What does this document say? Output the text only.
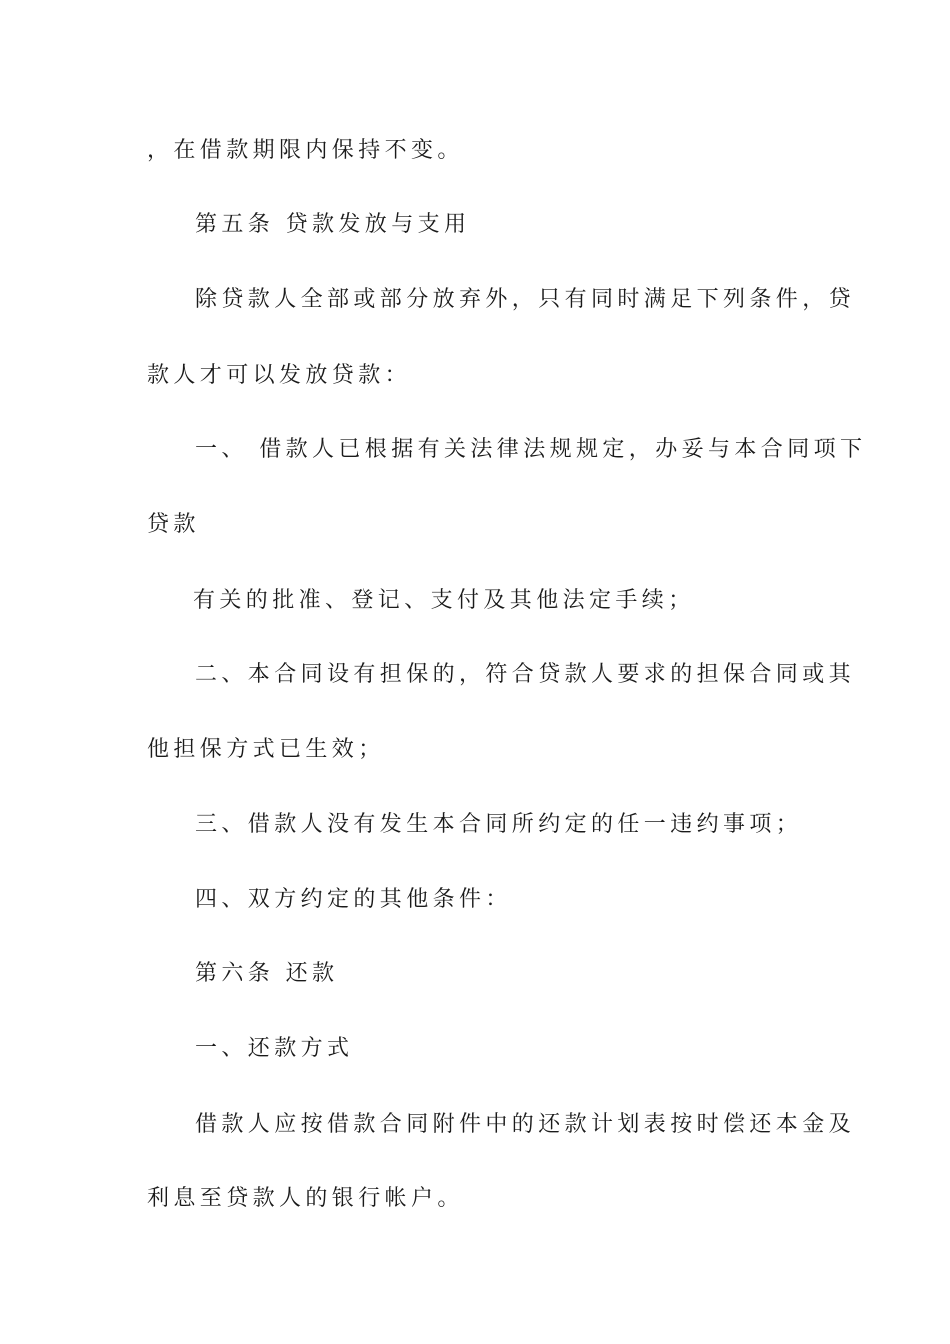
，在借款期限内保持不变。
第五条 贷款发放与支用
除贷款人全部或部分放弃外，只有同时满足下列条件，贷
款人才可以发放贷款：
一、 借款人已根据有关法律法规规定，办妥与本合同项下
贷款
有关的批准、登记、支付及其他法定手续；
二、本合同设有担保的，符合贷款人要求的担保合同或其
他担保方式已生效；
三、借款人没有发生本合同所约定的任一违约事项；
四、双方约定的其他条件：
第六条 还款
一、还款方式
借款人应按借款合同附件中的还款计划表按时偿还本金及
利息至贷款人的银行帐户。
